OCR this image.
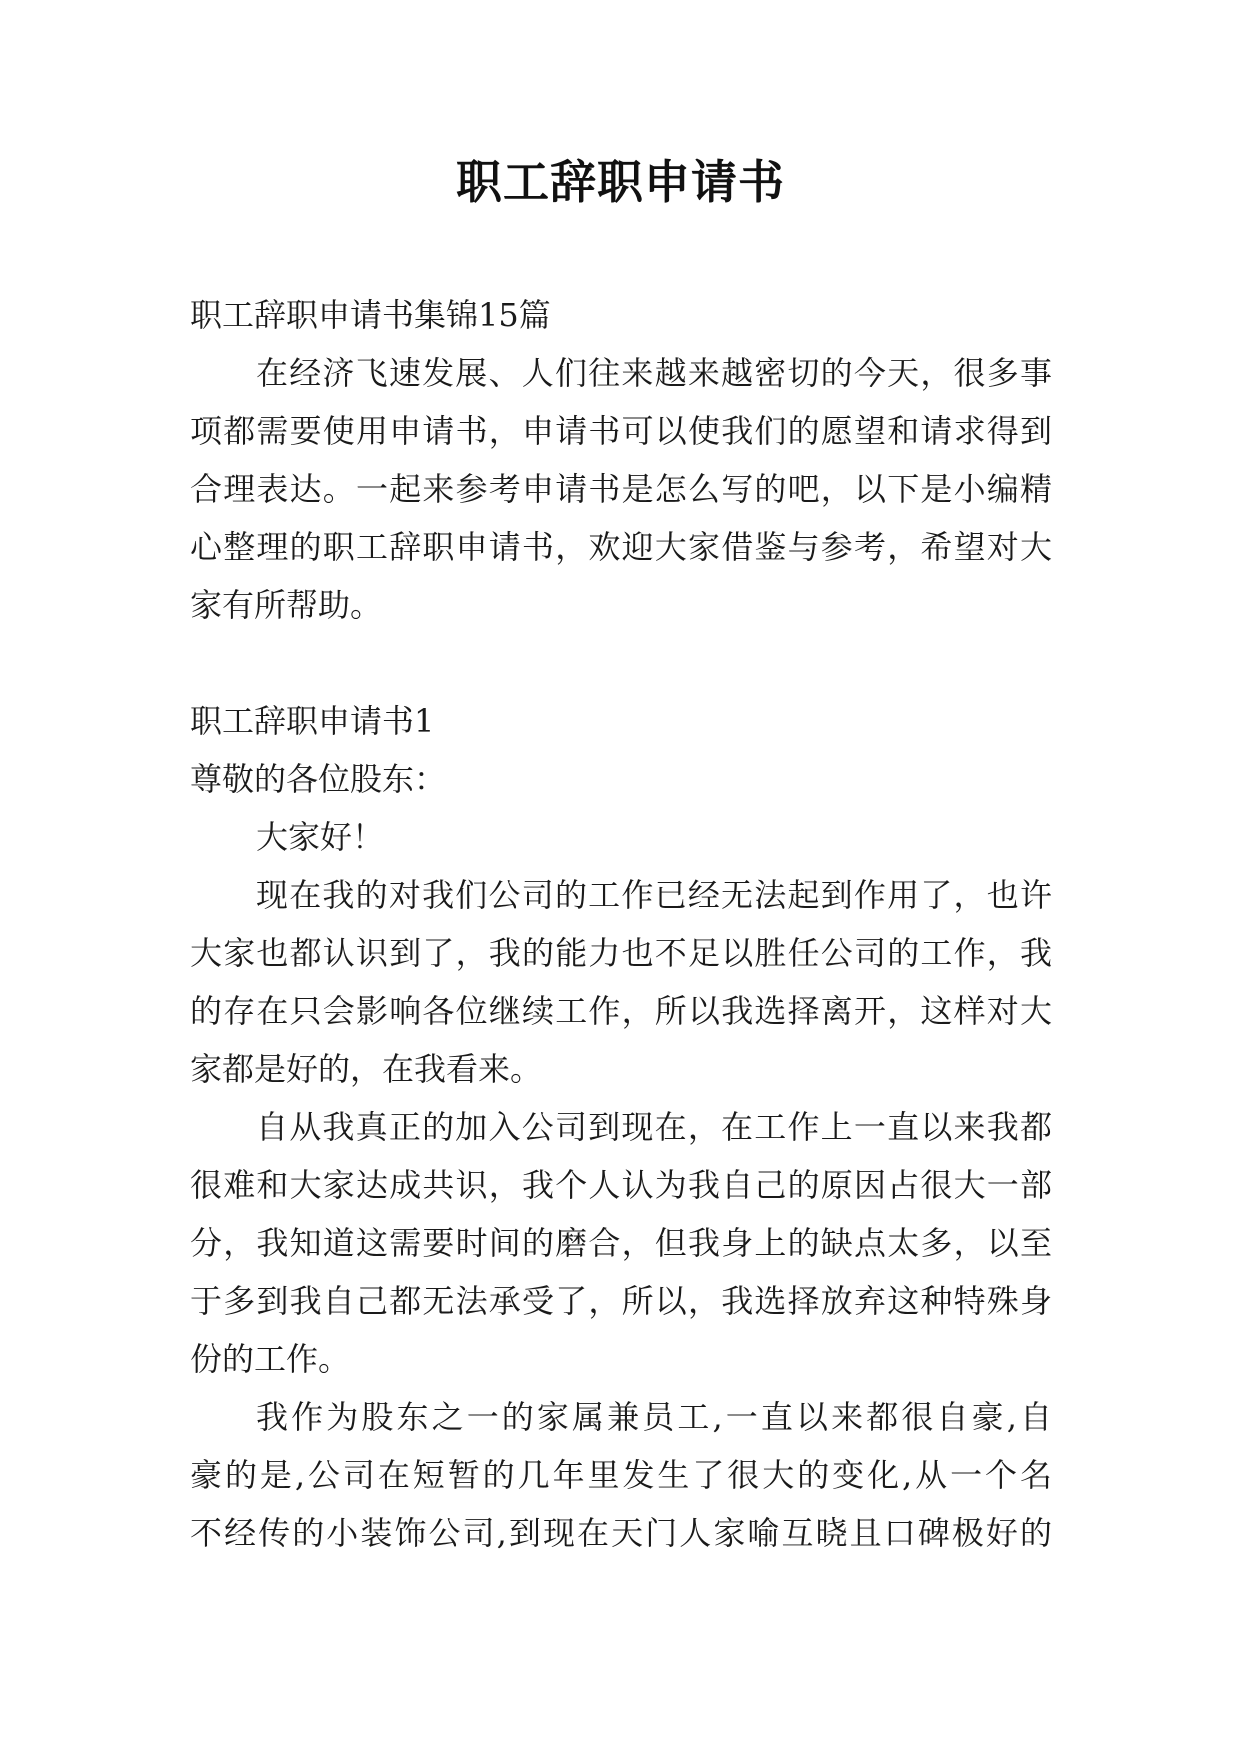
职工辞职申请书
职工辞职申请书集锦15篇
在经济飞速发展、人们往来越来越密切的今天，很多事
项都需要使用申请书，申请书可以使我们的愿望和请求得到
合理表达。一起来参考申请书是怎么写的吧，以下是小编精
心整理的职工辞职申请书，欢迎大家借鉴与参考，希望对大
家有所帮助。
职工辞职申请书1
尊敬的各位股东：
大家好！
现在我的对我们公司的工作已经无法起到作用了，也许
大家也都认识到了，我的能力也不足以胜任公司的工作，我
的存在只会影响各位继续工作，所以我选择离开，这样对大
家都是好的，在我看来。
自从我真正的加入公司到现在，在工作上一直以来我都
很难和大家达成共识，我个人认为我自己的原因占很大一部
分，我知道这需要时间的磨合，但我身上的缺点太多，以至
于多到我自己都无法承受了，所以，我选择放弃这种特殊身
份的工作。
我作为股东之一的家属兼员工,一直以来都很自豪,自
豪的是,公司在短暂的几年里发生了很大的变化,从一个名
不经传的小装饰公司,到现在天门人家喻互晓且口碑极好的
